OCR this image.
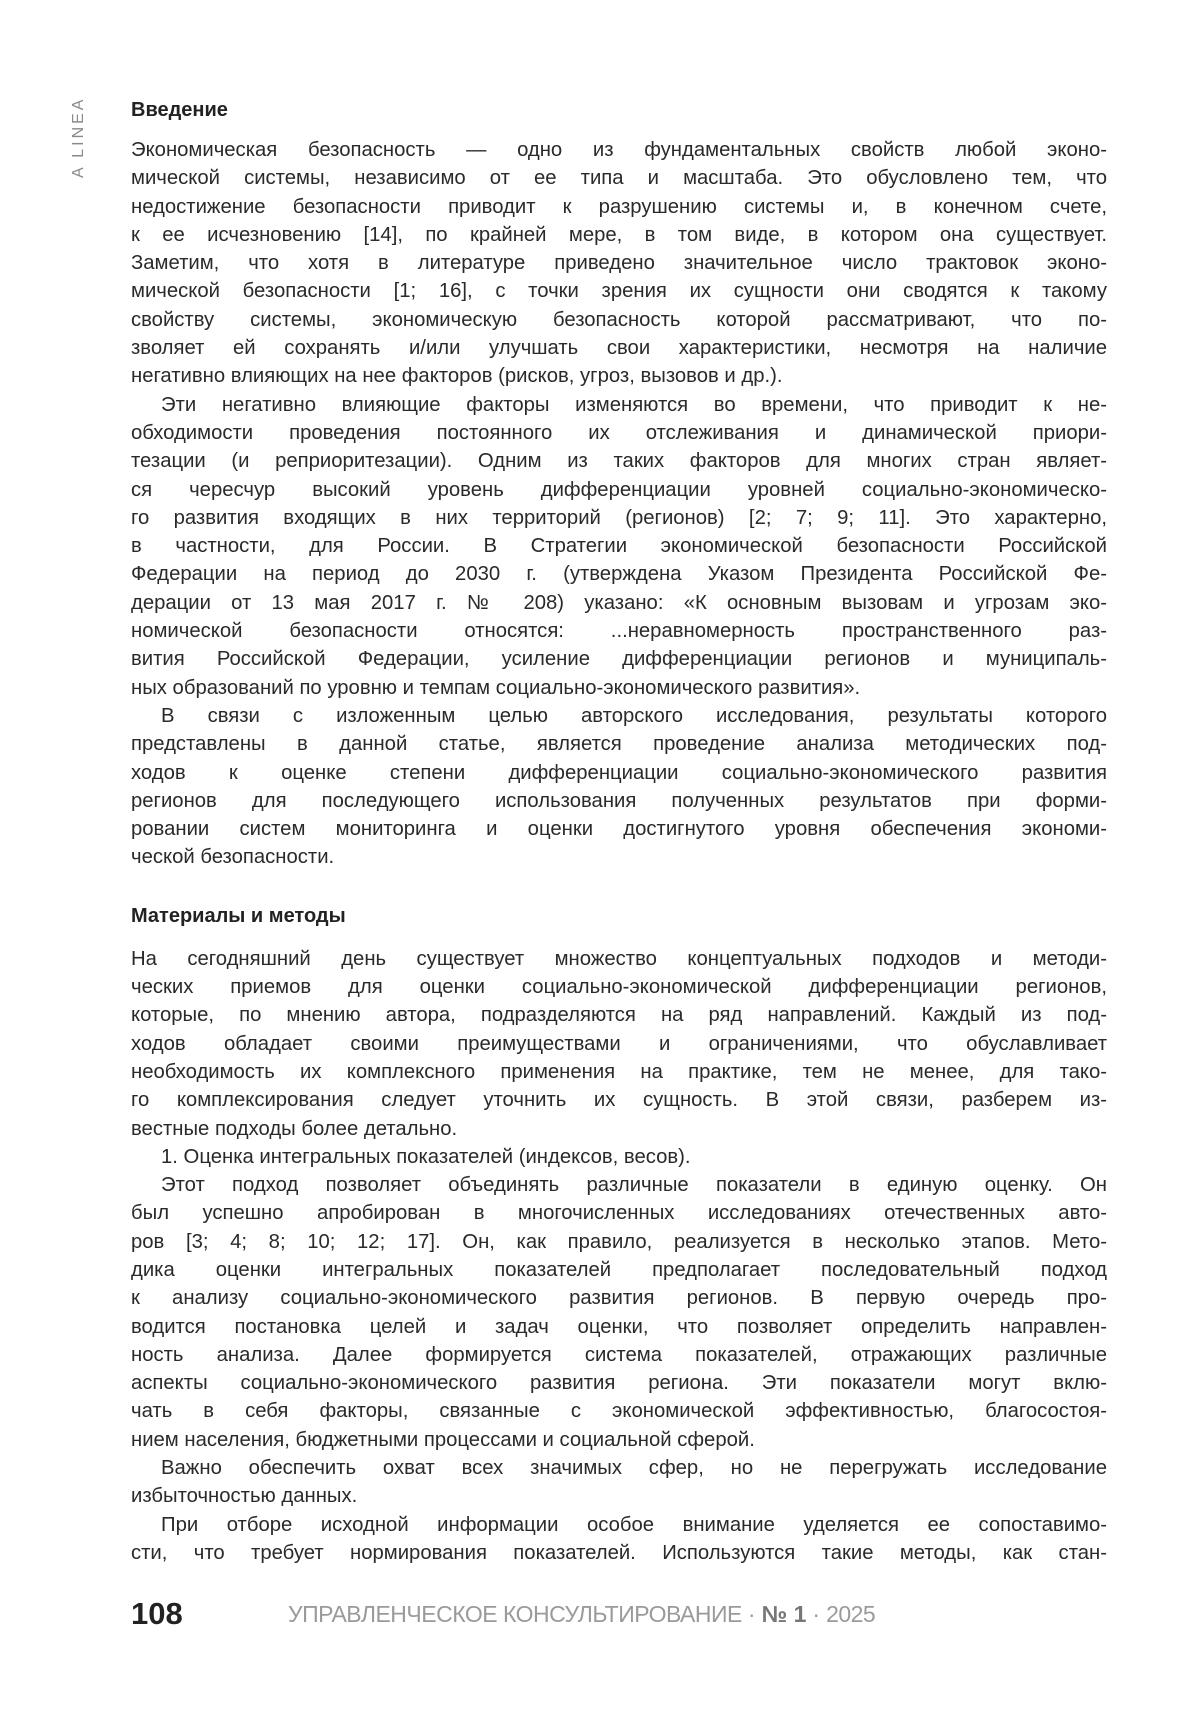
A LINEA Введение
Экономическая безопасность — одно из фундаментальных свойств любой эконо-
мической системы, независимо от ее типа и масштаба. Это обусловлено тем, что
недостижение безопасности приводит к разрушению системы и, в конечном счете,
к ее исчезновению [14], по крайней мере, в том виде, в котором она существует.
Заметим, что хотя в литературе приведено значительное число трактовок эконо-
мической безопасности [1; 16], с точки зрения их сущности они сводятся к такому
свойству системы, экономическую безопасность которой рассматривают, что по-
зволяет ей сохранять и/или улучшать свои характеристики, несмотря на наличие
негативно влияющих на нее факторов (рисков, угроз, вызовов и др.).
Эти негативно влияющие факторы изменяются во времени, что приводит к не-
обходимости проведения постоянного их отслеживания и динамической приори-
тезации (и реприоритезации). Одним из таких факторов для многих стран являет-
ся чересчур высокий уровень дифференциации уровней социально-экономическо-
го развития входящих в них территорий (регионов) [2; 7; 9; 11]. Это характерно,
в частности, для России. В Стратегии экономической безопасности Российской
Федерации на период до 2030 г. (утверждена Указом Президента Российской Фе-
дерации от 13 мая 2017 г. № 208) указано: «К основным вызовам и угрозам эко-
номической безопасности относятся: ...неравномерность пространственного раз-
вития Российской Федерации, усиление дифференциации регионов и муниципаль-
ных образований по уровню и темпам социально-экономического развития».
В связи с изложенным целью авторского исследования, результаты которого
представлены в данной статье, является проведение анализа методических под-
ходов к оценке степени дифференциации социально-экономического развития
регионов для последующего использования полученных результатов при форми-
ровании систем мониторинга и оценки достигнутого уровня обеспечения экономи-
ческой безопасности.
Материалы и методы
На сегодняшний день существует множество концептуальных подходов и методи-
ческих приемов для оценки социально-экономической дифференциации регионов,
которые, по мнению автора, подразделяются на ряд направлений. Каждый из под-
ходов обладает своими преимуществами и ограничениями, что обуславливает
необходимость их комплексного применения на практике, тем не менее, для тако-
го комплексирования следует уточнить их сущность. В этой связи, разберем из-
вестные подходы более детально.
1. Оценка интегральных показателей (индексов, весов).
Этот подход позволяет объединять различные показатели в единую оценку. Он
был успешно апробирован в многочисленных исследованиях отечественных авто-
ров [3; 4; 8; 10; 12; 17]. Он, как правило, реализуется в несколько этапов. Мето-
дика оценки интегральных показателей предполагает последовательный подход
к анализу социально-экономического развития регионов. В первую очередь про-
водится постановка целей и задач оценки, что позволяет определить направлен-
ность анализа. Далее формируется система показателей, отражающих различные
аспекты социально-экономического развития региона. Эти показатели могут вклю-
чать в себя факторы, связанные с экономической эффективностью, благосостоя-
нием населения, бюджетными процессами и социальной сферой.
Важно обеспечить охват всех значимых сфер, но не перегружать исследование
избыточностью данных.
При отборе исходной информации особое внимание уделяется ее сопоставимо-
сти, что требует нормирования показателей. Используются такие методы, как стан-
108	УПРАВЛЕНЧЕСКОЕ КОНСУЛЬТИРОВАНИЕ · № 1 · 2025
